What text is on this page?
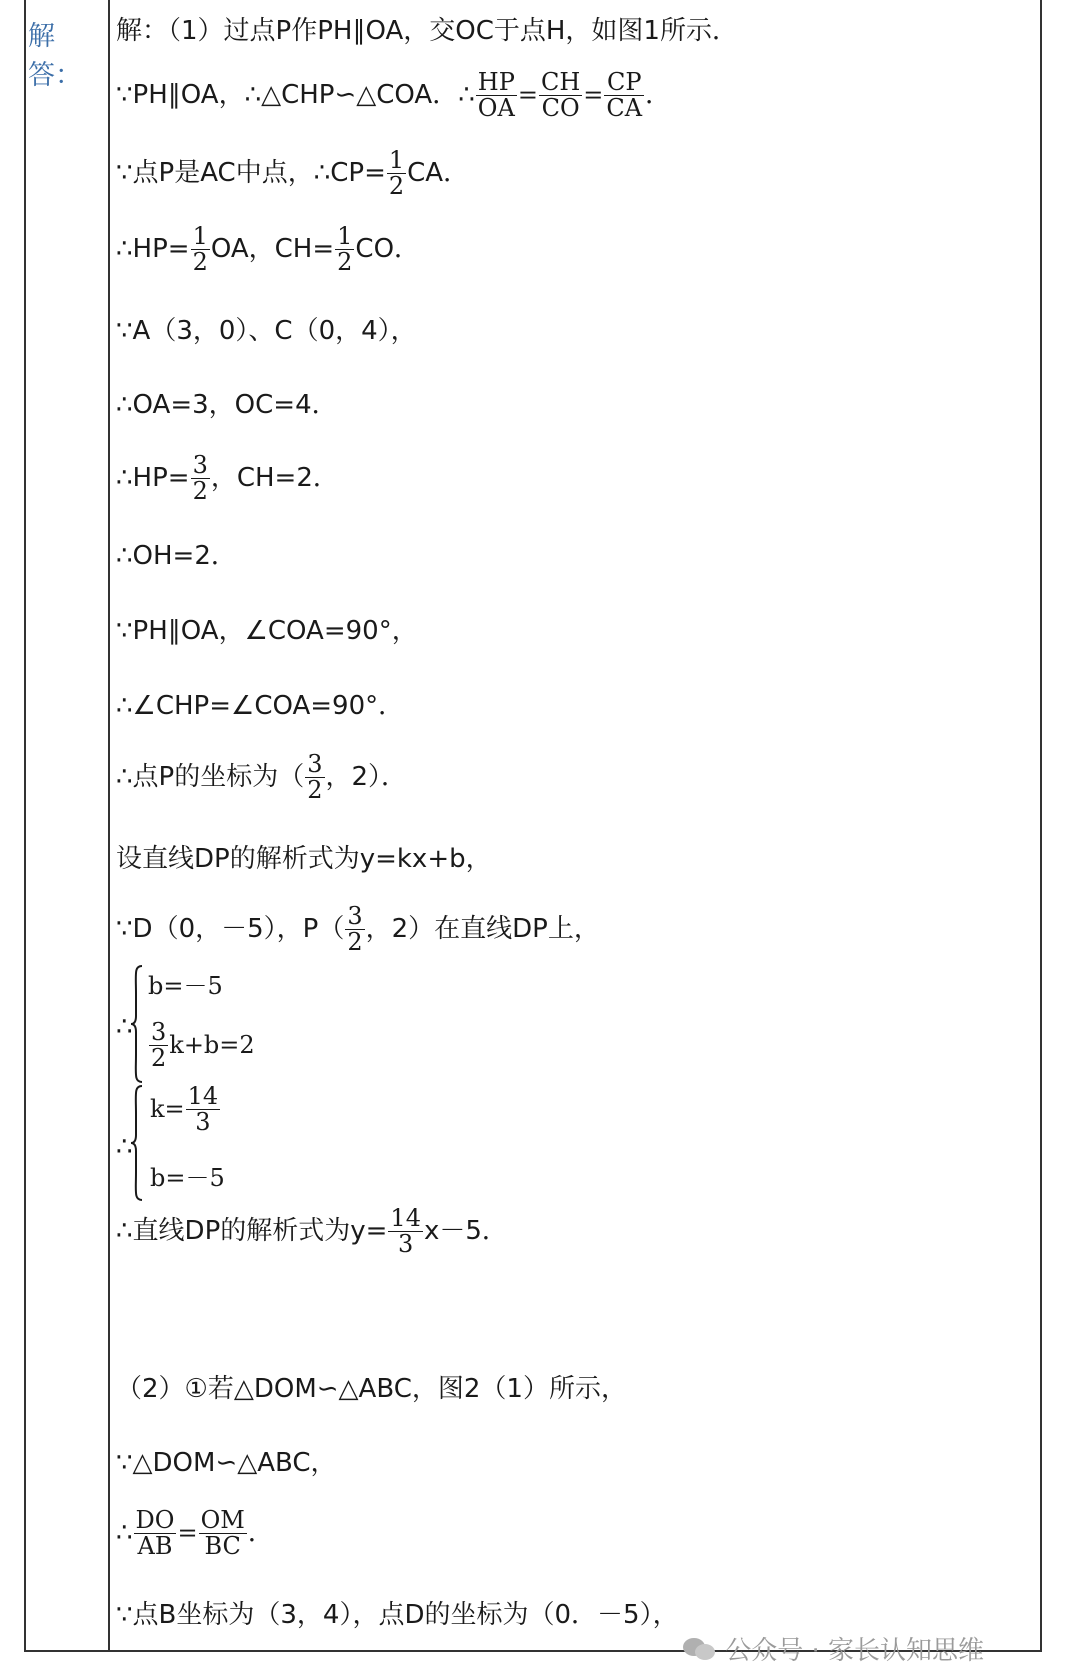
解答：
解：（1）过点P作PH∥OA，交OC于点H，如图1所示．
∵PH∥OA，∴△CHP∽△COA．∴ $\frac{HP}{OA} = \frac{CH}{CO} = \frac{CP}{CA}$ ．
∵点P是AC中点，∴CP= $\frac{1}{2}$ CA．
∴HP= $\frac{1}{2}$ OA，$CH= \frac{1}{2}$ CO．
∵A（3，0）、C（0，4），
∴OA=3，OC=4．
∴HP= $\frac{3}{2}$ ，CH=2．
∴OH=2．
∵PH∥OA，∠COA=90°，
∴∠CHP=∠COA=90°．
∴点P的坐标为（ $\frac{3}{2}$ ，2）．
设直线DP的解析式为y=kx+b，
∵D（0，－5），$P( \frac{3}{2}$ ，2）在直线DP上，
∴
b=－5
$\frac{3}{2} k+b=2$
∴
$k= \frac{14}{3}$
b=－5
∴直线DP的解析式为$y= \frac{14}{3} x-5$．
（2）①若△DOM∽△ABC，图2（1）所示，
∵△DOM∽△ABC，
∴ $\frac{DO}{AB} = \frac{OM}{BC}$ ．
∵点B坐标为（3，4），点D的坐标为（0．－5），
公众号 · 家长认知思维
